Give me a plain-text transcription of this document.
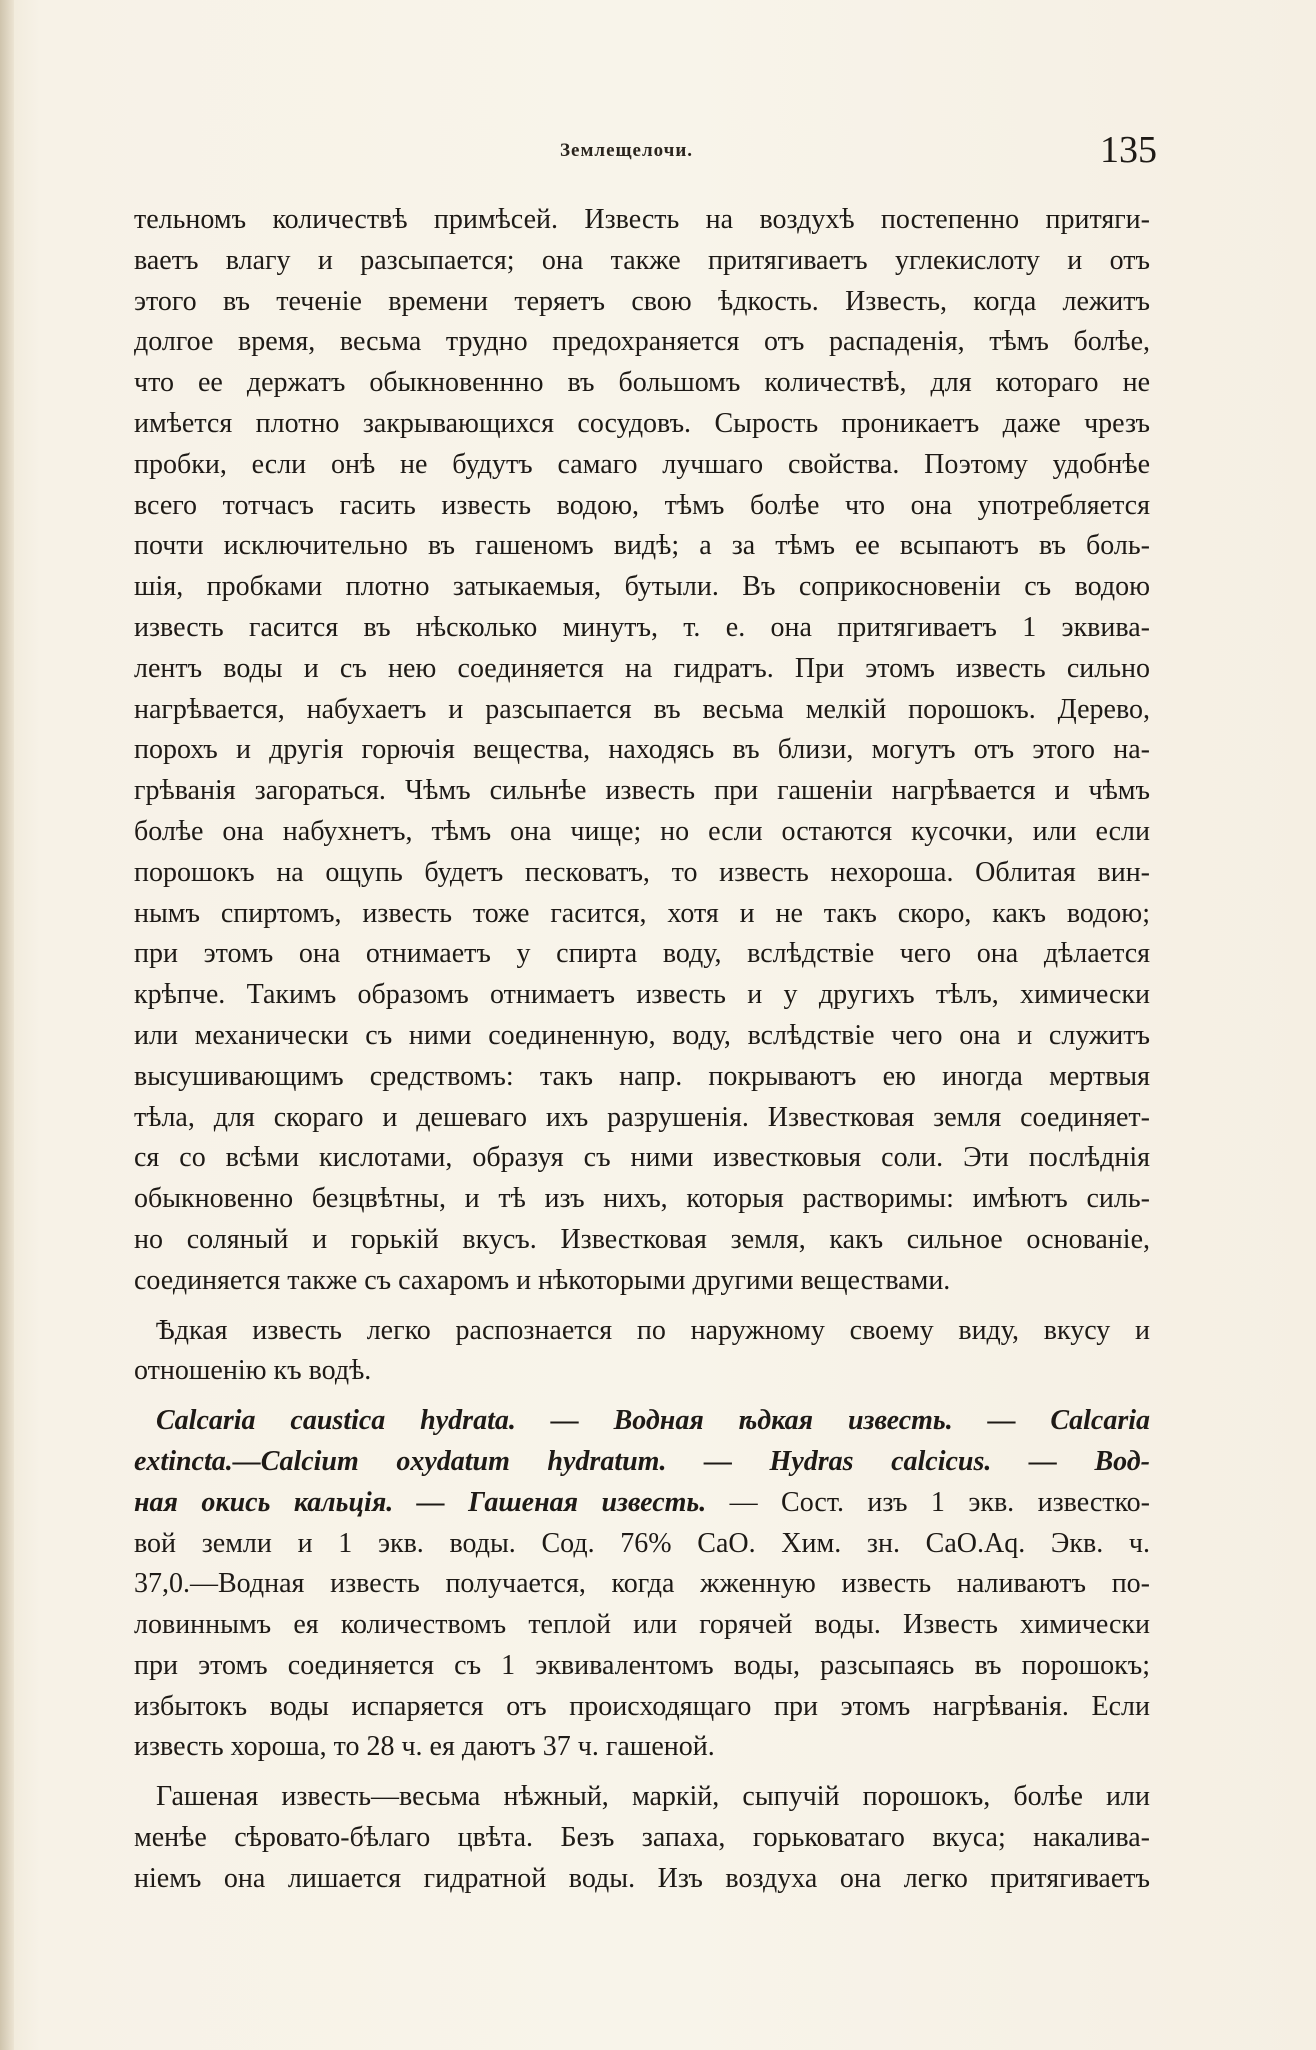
Землещелочи.	135
тельномъ количествѣ примѣсей. Известь на воздухѣ постепенно притяги-
ваетъ влагу и разсыпается; она также притягиваетъ углекислоту и отъ
этого въ теченіе времени теряетъ свою ѣдкость. Известь, когда лежитъ
долгое время, весьма трудно предохраняется отъ распаденія, тѣмъ болѣе,
что ее держатъ обыкновеннно въ большомъ количествѣ, для котораго не
имѣется плотно закрывающихся сосудовъ. Сырость проникаетъ даже чрезъ
пробки, если онѣ не будутъ самаго лучшаго свойства. Поэтому удобнѣе
всего тотчасъ гасить известь водою, тѣмъ болѣе что она употребляется
почти исключительно въ гашеномъ видѣ; а за тѣмъ ее всыпаютъ въ боль-
шія, пробками плотно затыкаемыя, бутыли. Въ соприкосновеніи съ водою
известь гасится въ нѣсколько минутъ, т. е. она притягиваетъ 1 эквива-
лентъ воды и съ нею соединяется на гидратъ. При этомъ известь сильно
нагрѣвается, набухаетъ и разсыпается въ весьма мелкій порошокъ. Дерево,
порохъ и другія горючія вещества, находясь въ близи, могутъ отъ этого на-
грѣванія загораться. Чѣмъ сильнѣе известь при гашеніи нагрѣвается и чѣмъ
болѣе она набухнетъ, тѣмъ она чище; но если остаются кусочки, или если
порошокъ на ощупь будетъ песковатъ, то известь нехороша. Облитая вин-
нымъ спиртомъ, известь тоже гасится, хотя и не такъ скоро, какъ водою;
при этомъ она отнимаетъ у спирта воду, вслѣдствіе чего она дѣлается
крѣпче. Такимъ образомъ отнимаетъ известь и у другихъ тѣлъ, химически
или механически съ ними соединенную, воду, вслѣдствіе чего она и служитъ
высушивающимъ средствомъ: такъ напр. покрываютъ ею иногда мертвыя
тѣла, для скораго и дешеваго ихъ разрушенія. Известковая земля соединяет-
ся со всѣми кислотами, образуя съ ними известковыя соли. Эти послѣднія
обыкновенно безцвѣтны, и тѣ изъ нихъ, которыя растворимы: имѣютъ силь-
но соляный и горькій вкусъ. Известковая земля, какъ сильное основаніе,
соединяется также съ сахаромъ и нѣкоторыми другими веществами.
Ѣдкая известь легко распознается по наружному своему виду, вкусу и
отношенію къ водѣ.
Calcaria caustica hydrata. — Водная ѣдкая известь. — Calcaria
extincta.—Calcium oxydatum hydratum. — Hydras calcicus. — Вод-
ная окись кальція. — Гашеная известь. — Сост. изъ 1 экв. известко-
вой земли и 1 экв. воды. Сод. 76% CaO. Хим. зн. CaO.Aq. Экв. ч.
37,0.—Водная известь получается, когда жженную известь наливаютъ по-
ловиннымъ ея количествомъ теплой или горячей воды. Известь химически
при этомъ соединяется съ 1 эквивалентомъ воды, разсыпаясь въ порошокъ;
избытокъ воды испаряется отъ происходящаго при этомъ нагрѣванія. Если
известь хороша, то 28 ч. ея даютъ 37 ч. гашеной.
Гашеная известь—весьма нѣжный, маркій, сыпучій порошокъ, болѣе или
менѣе сѣровато-бѣлаго цвѣта. Безъ запаха, горьковатаго вкуса; накалива-
ніемъ она лишается гидратной воды. Изъ воздуха она легко притягиваетъ
